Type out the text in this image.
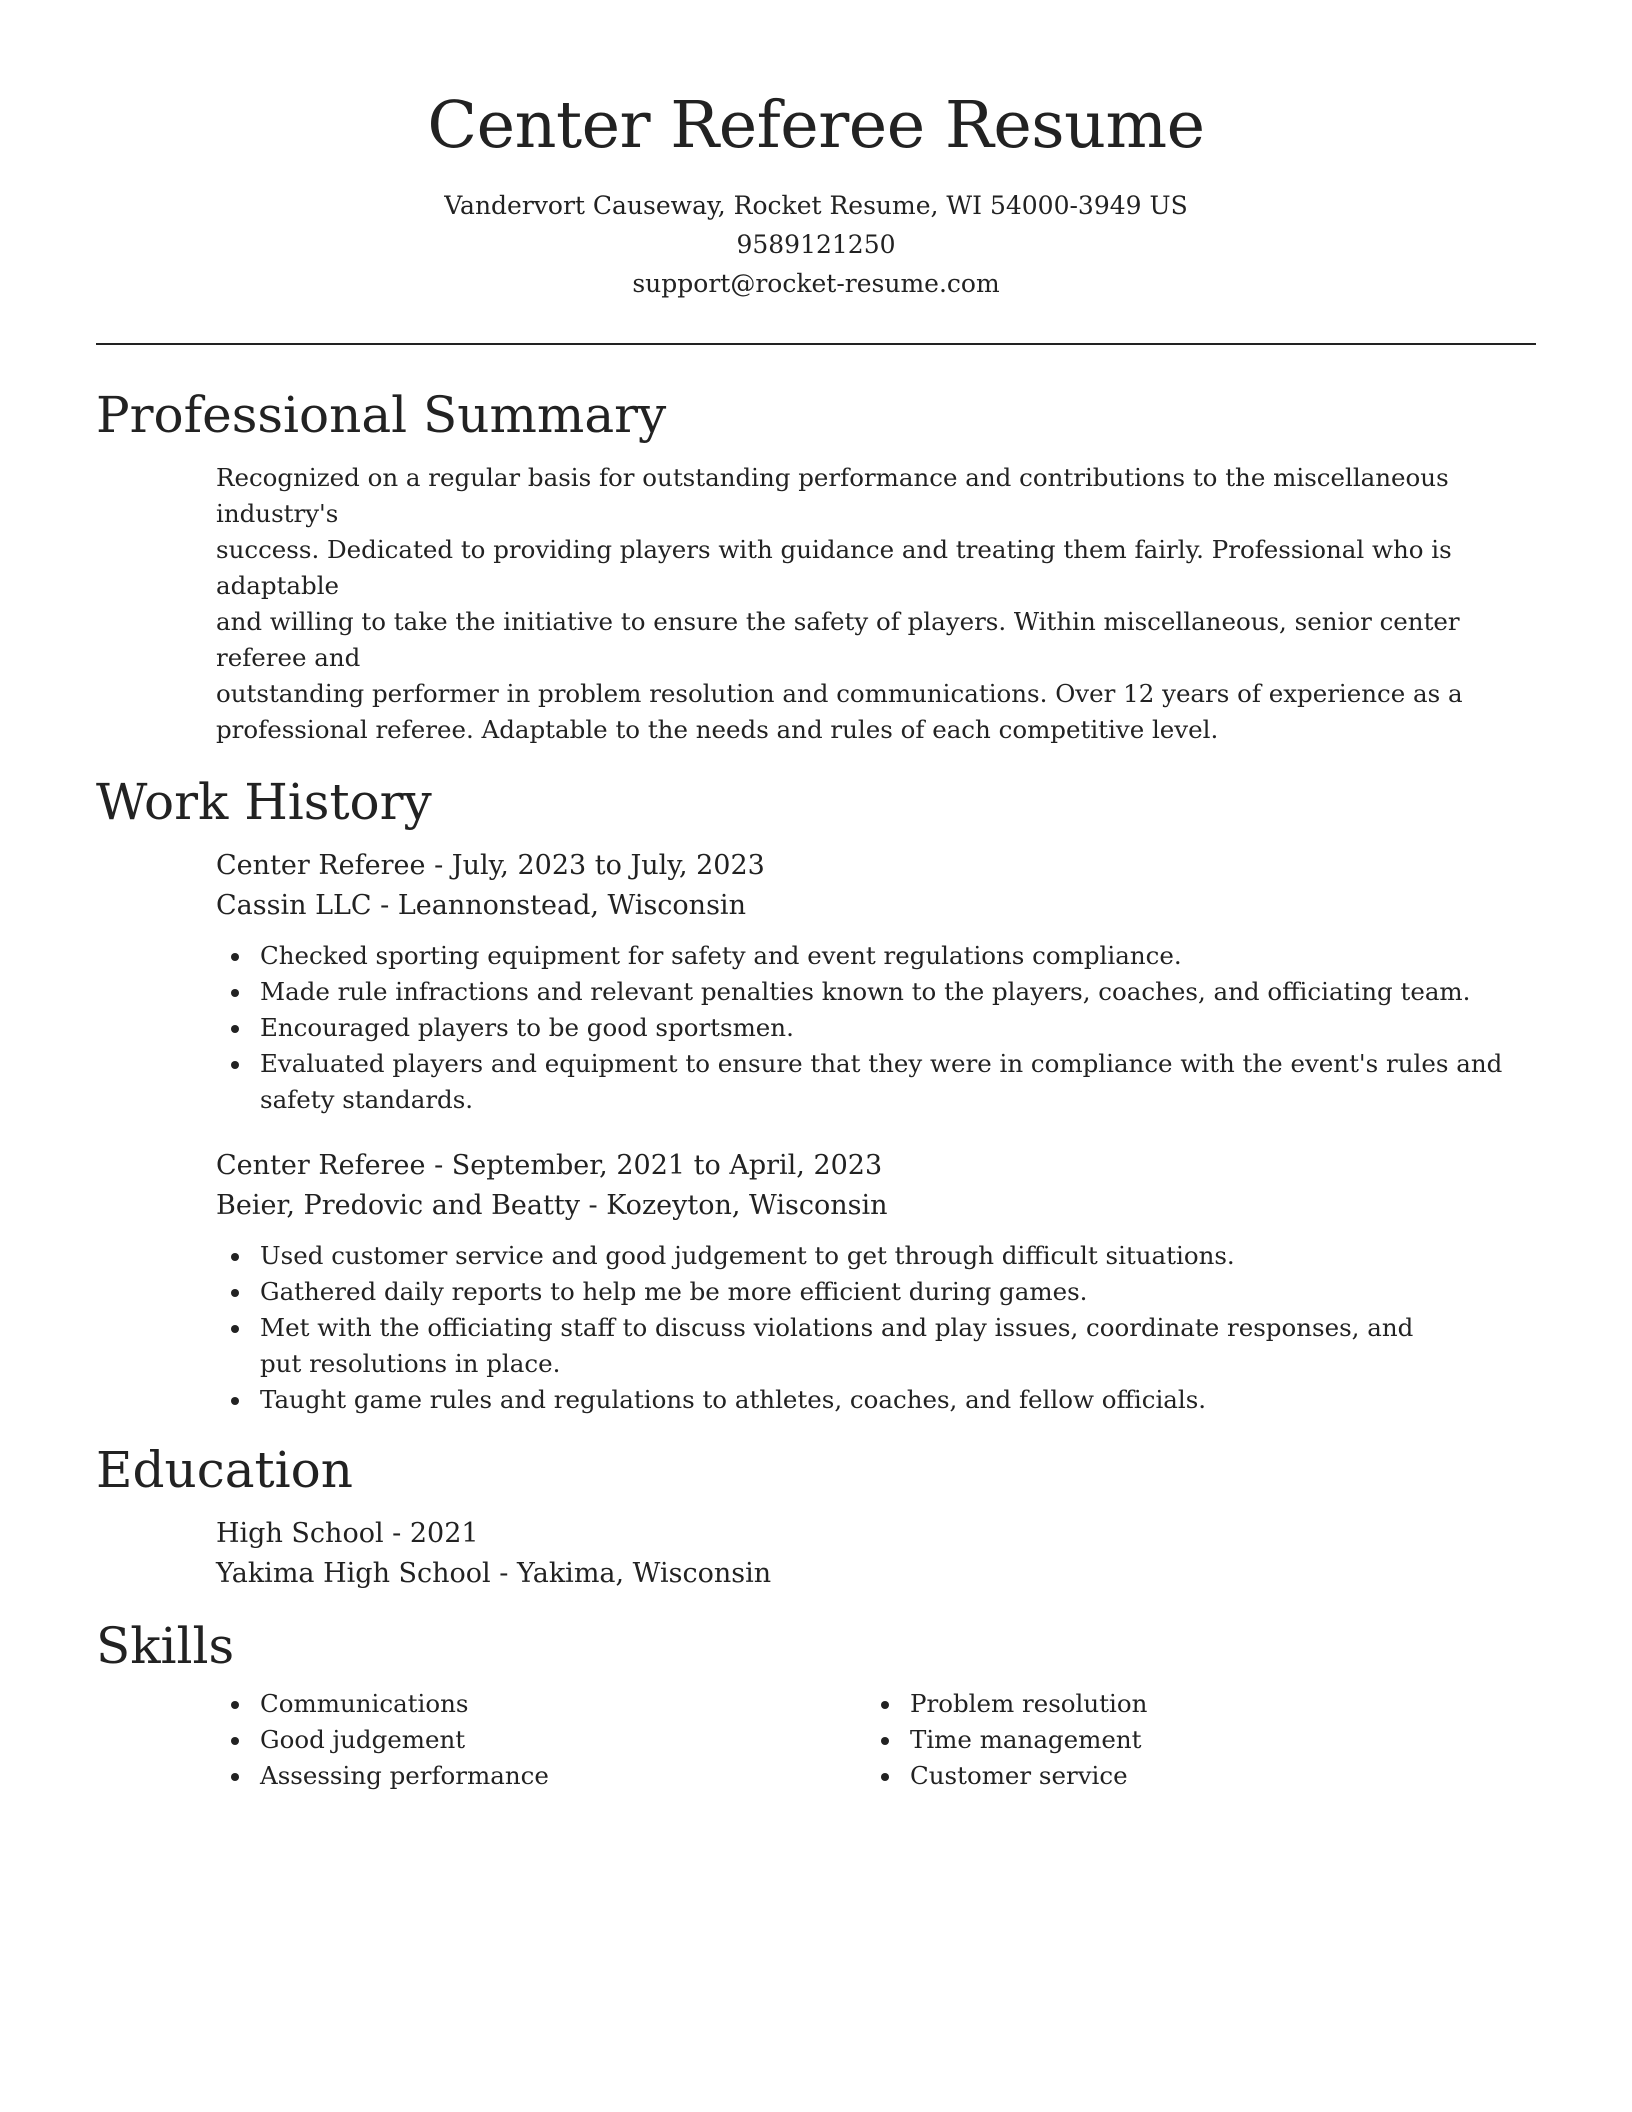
Center Referee Resume
Vandervort Causeway, Rocket Resume, WI 54000-3949 US
9589121250
support@rocket-resume.com
Professional Summary
Recognized on a regular basis for outstanding performance and contributions to the miscellaneous industry's
success. Dedicated to providing players with guidance and treating them fairly. Professional who is adaptable
and willing to take the initiative to ensure the safety of players. Within miscellaneous, senior center referee and
outstanding performer in problem resolution and communications. Over 12 years of experience as a
professional referee. Adaptable to the needs and rules of each competitive level.
Work History
Center Referee - July, 2023 to July, 2023
Cassin LLC - Leannonstead, Wisconsin
Checked sporting equipment for safety and event regulations compliance.
Made rule infractions and relevant penalties known to the players, coaches, and officiating team.
Encouraged players to be good sportsmen.
Evaluated players and equipment to ensure that they were in compliance with the event's rules and safety standards.
Center Referee - September, 2021 to April, 2023
Beier, Predovic and Beatty - Kozeyton, Wisconsin
Used customer service and good judgement to get through difficult situations.
Gathered daily reports to help me be more efficient during games.
Met with the officiating staff to discuss violations and play issues, coordinate responses, and put resolutions in place.
Taught game rules and regulations to athletes, coaches, and fellow officials.
Education
High School - 2021
Yakima High School - Yakima, Wisconsin
Skills
Communications
Good judgement
Assessing performance
Problem resolution
Time management
Customer service
